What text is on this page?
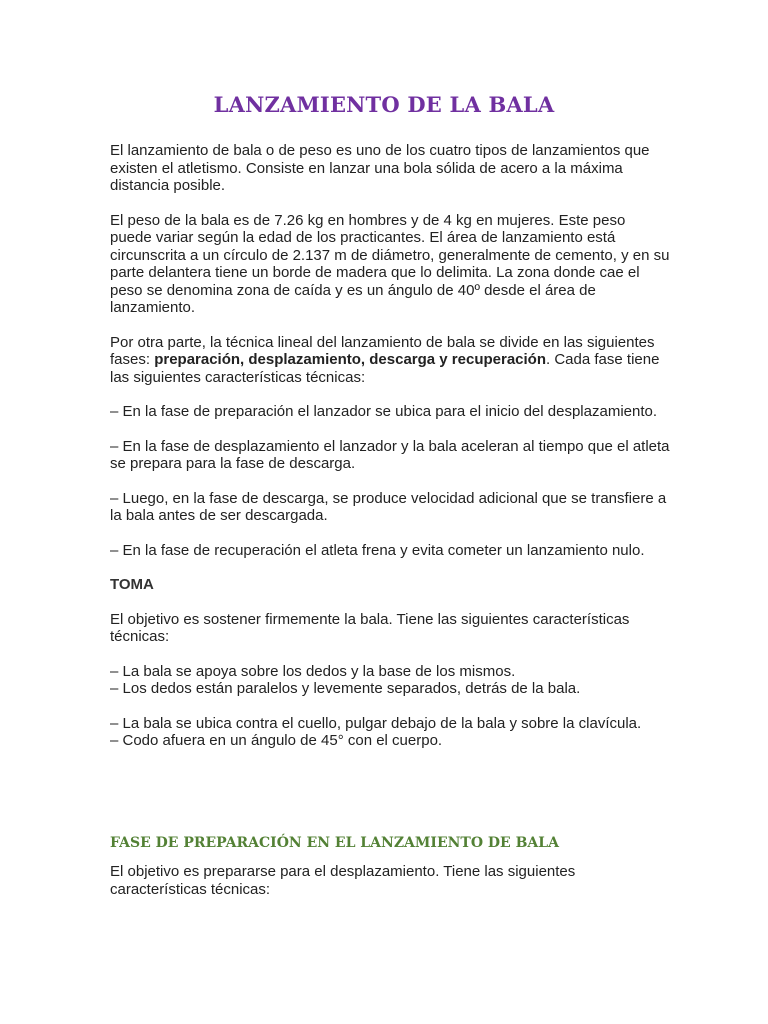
LANZAMIENTO DE LA BALA

El lanzamiento de bala o de peso es uno de los cuatro tipos de lanzamientos que existen el atletismo. Consiste en lanzar una bola sólida de acero a la máxima distancia posible.

El peso de la bala es de 7.26 kg en hombres y de 4 kg en mujeres. Este peso puede variar según la edad de los practicantes. El área de lanzamiento está circunscrita a un círculo de 2.137 m de diámetro, generalmente de cemento, y en su parte delantera tiene un borde de madera que lo delimita. La zona donde cae el peso se denomina zona de caída y es un ángulo de 40º desde el área de lanzamiento.

Por otra parte, la técnica lineal del lanzamiento de bala se divide en las siguientes fases: preparación, desplazamiento, descarga y recuperación. Cada fase tiene las siguientes características técnicas:

– En la fase de preparación el lanzador se ubica para el inicio del desplazamiento.

– En la fase de desplazamiento el lanzador y la bala aceleran al tiempo que el atleta se prepara para la fase de descarga.

– Luego, en la fase de descarga, se produce velocidad adicional que se transfiere a la bala antes de ser descargada.

– En la fase de recuperación el atleta frena y evita cometer un lanzamiento nulo.

TOMA

El objetivo es sostener firmemente la bala. Tiene las siguientes características técnicas:

– La bala se apoya sobre los dedos y la base de los mismos.

– Los dedos están paralelos y levemente separados, detrás de la bala.

– La bala se ubica contra el cuello, pulgar debajo de la bala y sobre la clavícula.

– Codo afuera en un ángulo de 45° con el cuerpo.

FASE DE PREPARACIÓN EN EL LANZAMIENTO DE BALA

El objetivo es prepararse para el desplazamiento. Tiene las siguientes características técnicas:
